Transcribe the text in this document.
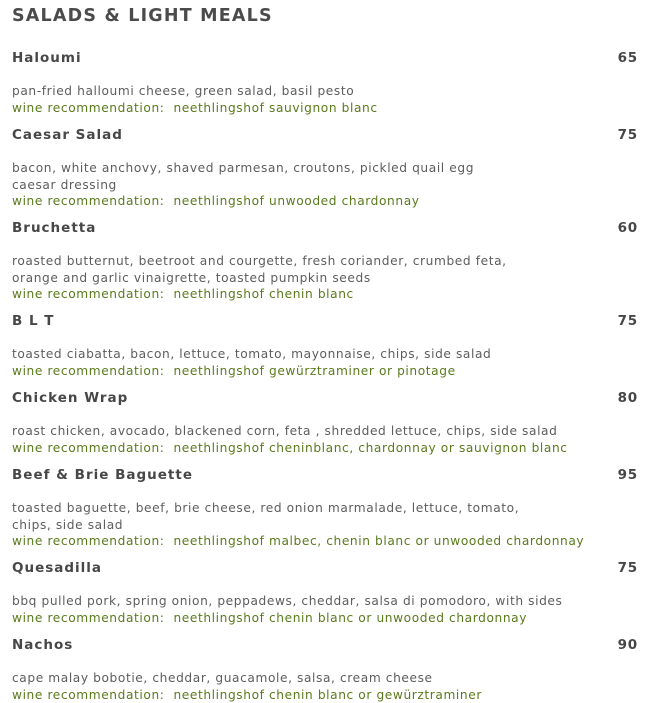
SALADS & LIGHT MEALS
Haloumi	65
pan-fried halloumi cheese, green salad, basil pesto
wine recommendation: neethlingshof sauvignon blanc
Caesar Salad	75
bacon, white anchovy, shaved parmesan, croutons, pickled quail egg
caesar dressing
wine recommendation: neethlingshof unwooded chardonnay
Bruchetta	60
roasted butternut, beetroot and courgette, fresh coriander, crumbed feta,
orange and garlic vinaigrette, toasted pumpkin seeds
wine recommendation: neethlingshof chenin blanc
B L T	75
toasted ciabatta, bacon, lettuce, tomato, mayonnaise, chips, side salad
wine recommendation: neethlingshof gewürztraminer or pinotage
Chicken Wrap	80
roast chicken, avocado, blackened corn, feta , shredded lettuce, chips, side salad
wine recommendation: neethlingshof cheninblanc, chardonnay or sauvignon blanc
Beef & Brie Baguette	95
toasted baguette, beef, brie cheese, red onion marmalade, lettuce, tomato,
chips, side salad
wine recommendation: neethlingshof malbec, chenin blanc or unwooded chardonnay
Quesadilla	75
bbq pulled pork, spring onion, peppadews, cheddar, salsa di pomodoro, with sides
wine recommendation: neethlingshof chenin blanc or unwooded chardonnay
Nachos	90
cape malay bobotie, cheddar, guacamole, salsa, cream cheese
wine recommendation: neethlingshof chenin blanc or gewürztraminer
